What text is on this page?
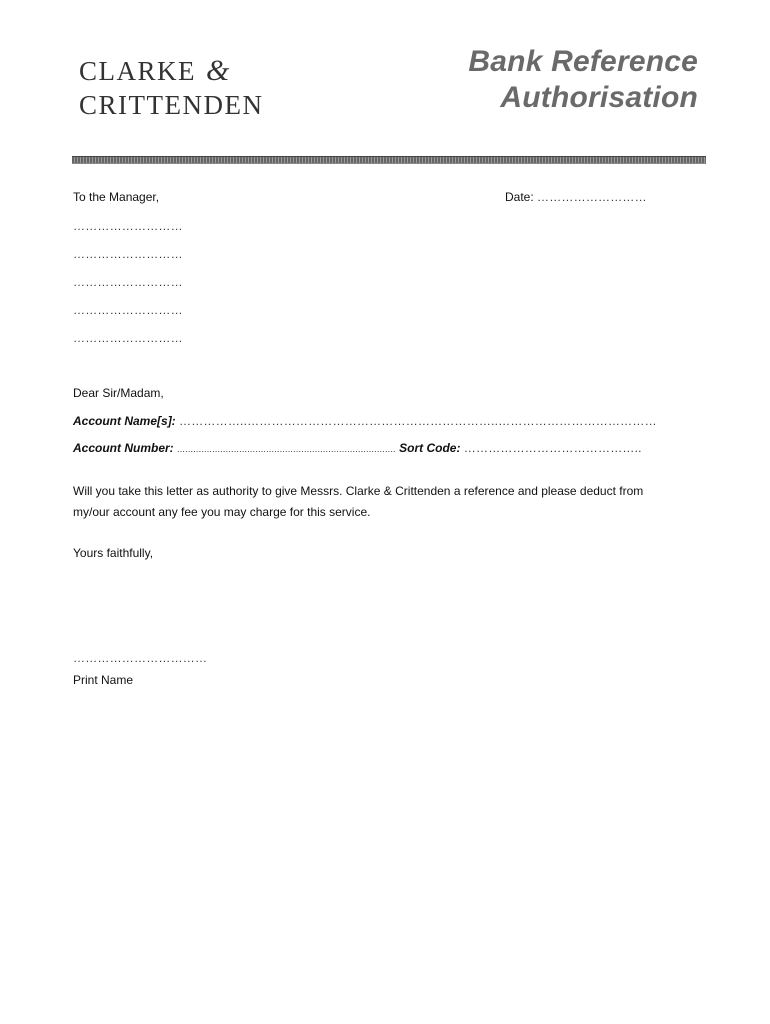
CLARKE &
CRITTENDEN
Bank Reference
Authorisation
To the Manager,	Date: ………………………
………………………
………………………
………………………
………………………
………………………
Dear Sir/Madam,
Account Name[s]: ……………..……………………………………………………..…………………………………
Account Number: ................................................................................. Sort Code: ……………………………………..
Will you take this letter as authority to give Messrs. Clarke & Crittenden a reference and please deduct from
my/our account any fee you may charge for this service.
Yours faithfully,
……………………………
Print Name
